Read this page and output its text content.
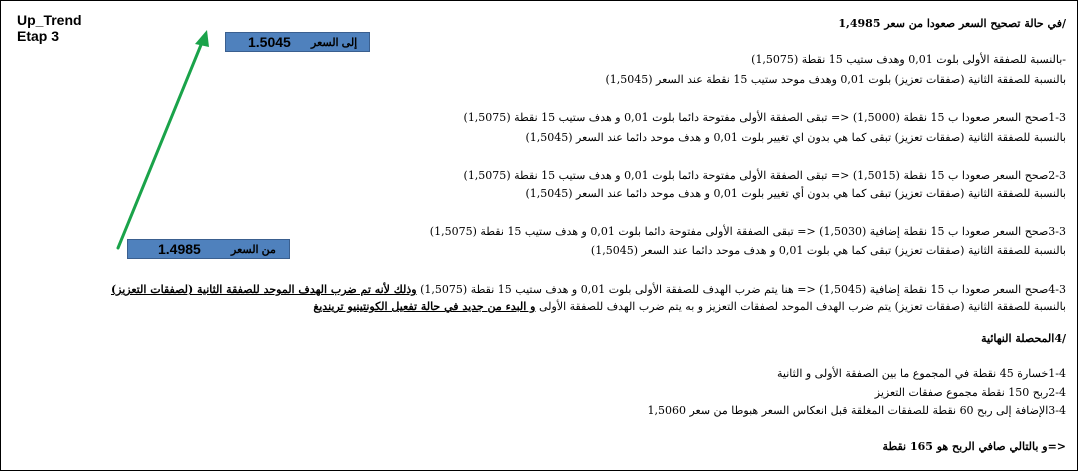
Up_Trend
Etap 3	1.5045 إلى السعر
1.4985	من السعر
/في حالة تصحيح السعر صعودا من سعر 1,4985
-بالنسبة للصفقة الأولى بلوت 0,01 وهدف ستيب 15 نقطة (1,5075)
بالنسبة للصفقة الثانية (صفقات تعزيز) بلوت 0,01 وهدف موحد ستيب 15 نقطة عند السعر (1,5045)
1-3صحح السعر صعودا ب 15 نقطة (1,5000) <= تبقى الصفقة الأولى مفتوحة دائما بلوت 0,01 و هدف ستيب 15 نقطة (1,5075)
بالنسبة للصفقة الثانية (صفقات تعزيز) تبقى كما هي بدون اي تغيير بلوت 0,01 و هدف موحد دائما عند السعر (1,5045)
2-3صحح السعر صعودا ب 15 نقطة (1,5015) <= تبقى الصفقة الأولى مفتوحة دائما بلوت 0,01 و هدف ستيب 15 نقطة (1,5075)
بالنسبة للصفقة الثانية (صفقات تعزيز) تبقى كما هي بدون أي تغيير بلوت 0,01 و هدف موحد دائما عند السعر (1,5045)
3-3صحح السعر صعودا ب 15 نقطة إضافية (1,5030) <= تبقى الصفقة الأولى مفتوحة دائما بلوت 0,01 و هدف ستيب 15 نقطة (1,5075)
بالنسبة للصفقة الثانية (صفقات تعزيز) تبقى كما هي بلوت 0,01 و هدف موحد دائما عند السعر (1,5045)
4-3صحح السعر صعودا ب 15 نقطة إضافية (1,5045) <= هنا يتم ضرب الهدف للصفقة الأولى بلوت 0,01 و هدف ستيب 15 نقطة (1,5075) وذلك لأنه تم ضرب الهدف الموحد للصفقة الثانية (لصفقات التعزيز)
بالنسبة للصفقة الثانية (صفقات تعزيز) يتم ضرب الهدف الموحد لصفقات التعزيز و به يتم ضرب الهدف للصفقة الأولى و البدء من جديد في حالة تفعيل الكونتينيو ترينديغ
/4المحصلة النهائية
1-4خسارة 45 نقطة في المجموع ما بين الصفقة الأولى و الثانية
2-4ربح 150 نقطة مجموع صفقات التعزيز
3-4الإضافة إلى ربح 60 نقطة للصفقات المغلقة قبل انعكاس السعر هبوطا من سعر 1,5060
<=و بالتالي صافي الربح هو 165 نقطة
